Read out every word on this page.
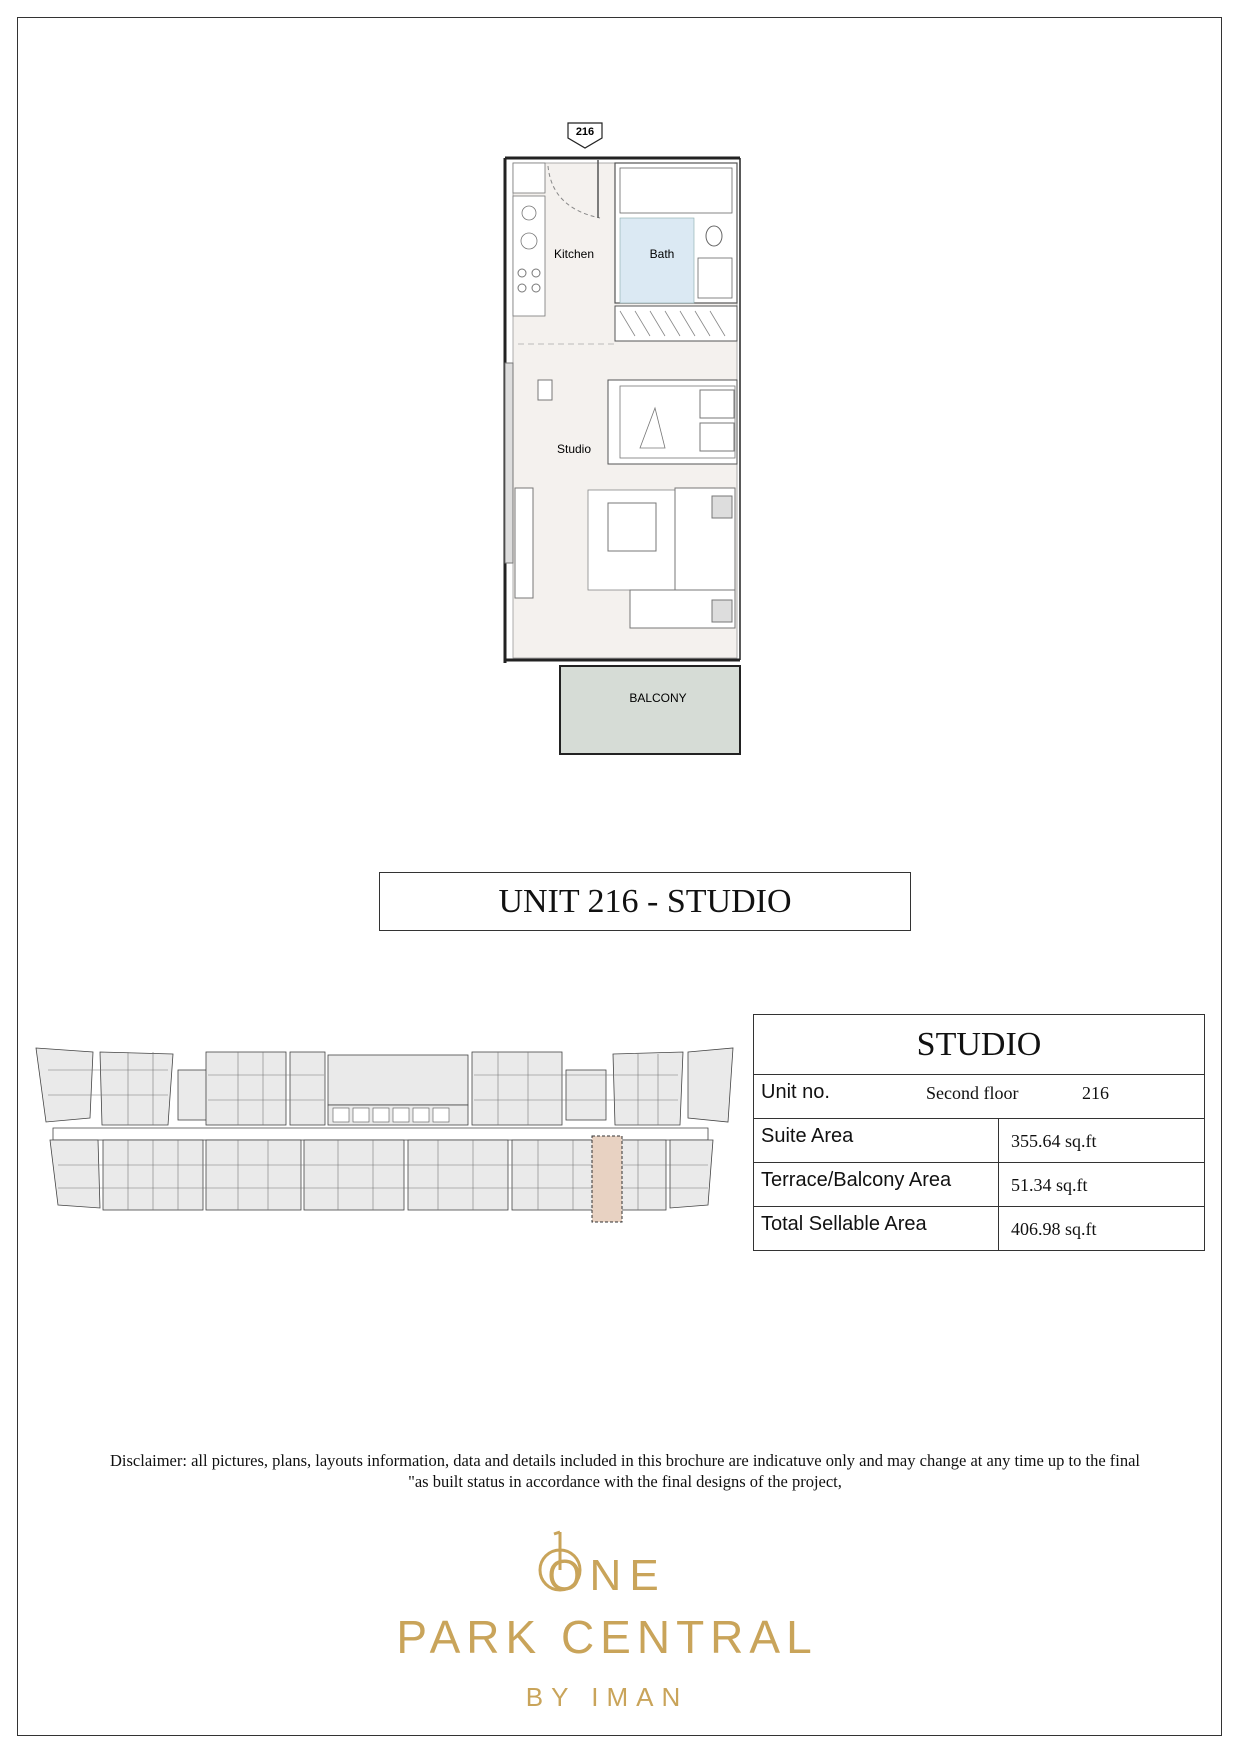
216
Kitchen	Bath
Studio
BALCONY
UNIT 216 - STUDIO
STUDIO
Unit no.	Second floor	216
Suite Area	355.64 sq.ft
Terrace/Balcony Area	51.34 sq.ft
Total Sellable Area	406.98 sq.ft
Disclaimer: all pictures, plans, layouts information, data and details included in this brochure are indicatuve only and may change at any time up to the final
"as built status in accordance with the final designs of the project,
ONE
PARK CENTRAL
BY IMAN
